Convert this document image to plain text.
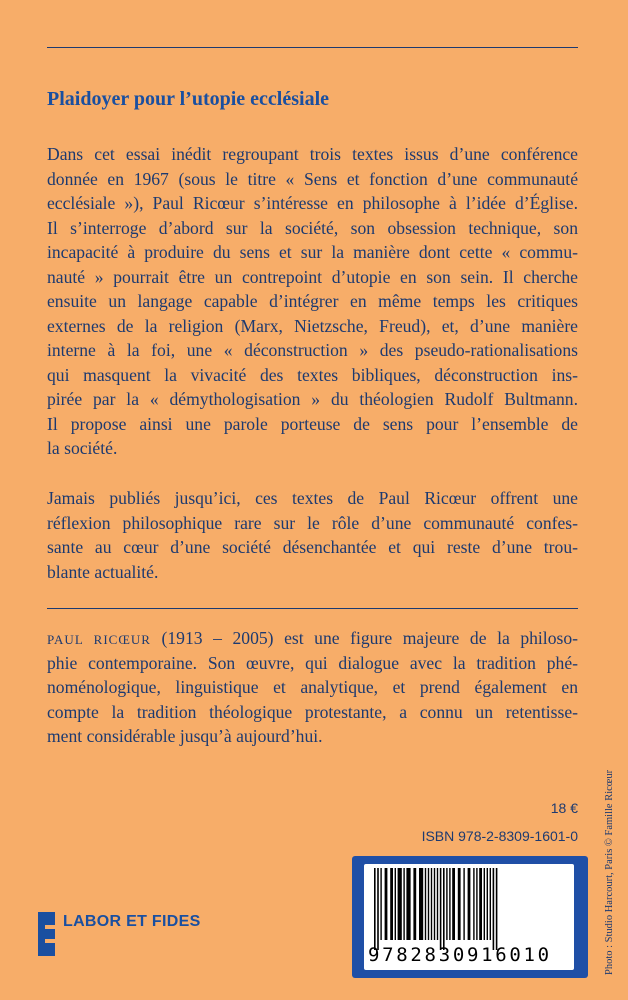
Plaidoyer pour l’utopie ecclésiale
Dans cet essai inédit regroupant trois textes issus d’une conférence
donnée en 1967 (sous le titre « Sens et fonction d’une communauté
ecclésiale »), Paul Ricœur s’intéresse en philosophe à l’idée d’Église.
Il s’interroge d’abord sur la société, son obsession technique, son
incapacité à produire du sens et sur la manière dont cette « commu-
nauté » pourrait être un contrepoint d’utopie en son sein. Il cherche
ensuite un langage capable d’intégrer en même temps les critiques
externes de la religion (Marx, Nietzsche, Freud), et, d’une manière
interne à la foi, une « déconstruction » des pseudo-rationalisations
qui masquent la vivacité des textes bibliques, déconstruction ins-
pirée par la « démythologisation » du théologien Rudolf Bultmann.
Il propose ainsi une parole porteuse de sens pour l’ensemble de
la société.
Jamais publiés jusqu’ici, ces textes de Paul Ricœur offrent une
réflexion philosophique rare sur le rôle d’une communauté confes-
sante au cœur d’une société désenchantée et qui reste d’une trou-
blante actualité.
PAUL RICŒUR (1913 – 2005) est une figure majeure de la philoso-
phie contemporaine. Son œuvre, qui dialogue avec la tradition phé-
noménologique, linguistique et analytique, et prend également en
compte la tradition théologique protestante, a connu un retentisse-
ment considérable jusqu’à aujourd’hui.
18 €
ISBN 978-2-8309-1601-0 Photo : Studio Harcourt, Paris © Famille Ricœur
LABOR ET FIDES
9782830916010
